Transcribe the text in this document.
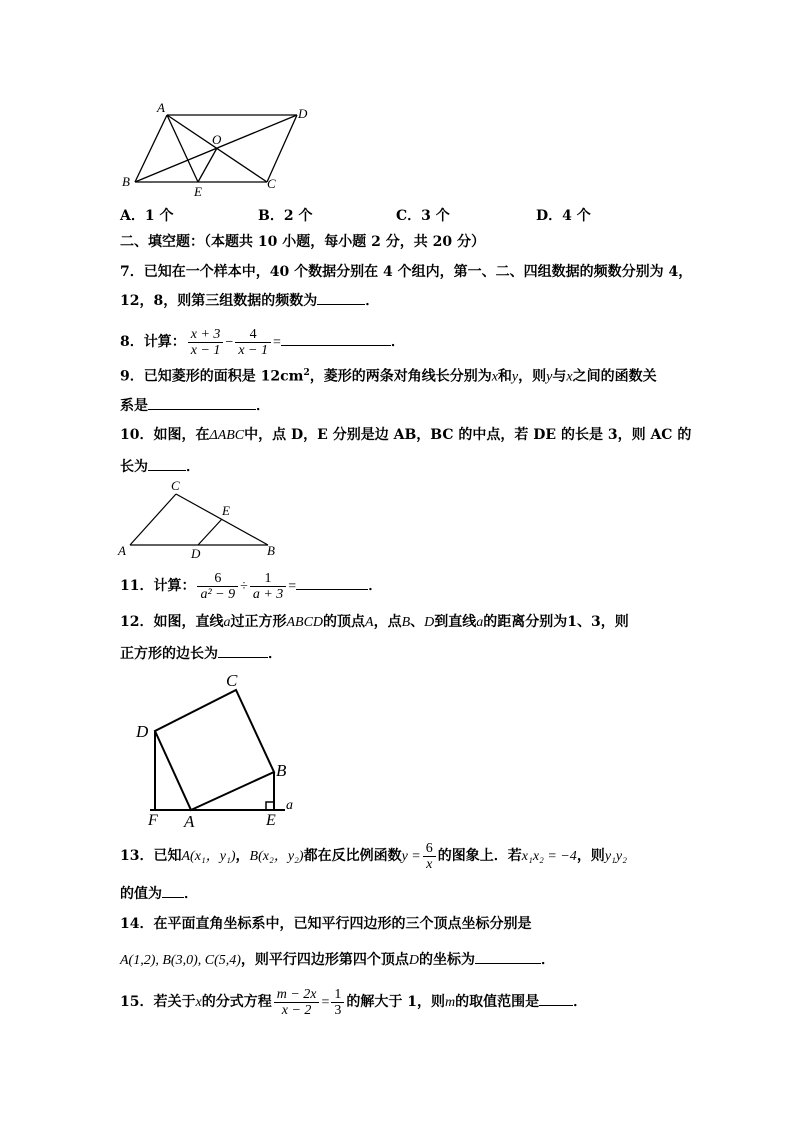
A	D
O
B
E
C
A．1 个	B．2 个	C．3 个	D．4 个
二、填空题：（本题共 10 小题，每小题 2 分，共 20 分）
7．已知在一个样本中，40 个数据分别在 4 个组内，第一、二、四组数据的频数分别为 4，
12，8，则第三组数据的频数为	．
8．计算： $\frac{x + 3}{x - 1} - \frac{4}{x - 1}$ =	．
9．已知菱形的面积是 $12cm^2$，菱形的两条对角线长分别为x和y，则y与x之间的函数关
系是	．
10．如图，在ΔABC中，点 D，E 分别是边 AB，BC 的中点，若 DE 的长是 3，则 AC 的
长为	．
C
E
A	D	B
11．计算： $\frac{6}{\text{a² − 9}} \div \frac{1}{a + 3}$ =	．
12．如图，直线a过正方形ABCD的顶点A，点B、D到直线a的距离分别为1、3，则
正方形的边长为	．
C
D
B
F A	E
a
13．已知A(x₁，y₁)，B(x₂，y₂)都在反比例函数$y = \frac{6}{x}$ 的图象上．若x₁x₂ = −4，则y₁y₂
的值为 ．
14．在平面直角坐标系中，已知平行四边形的三个顶点坐标分别是
A(1,2), B(3,0), C(5,4)，则平行四边形第四个顶点D的坐标为	．
15．若关于x的分式方程 $\frac{m - 2x}{x - 2} = \frac{1}{3}$ 的解大于 1，则m的取值范围是 ．
